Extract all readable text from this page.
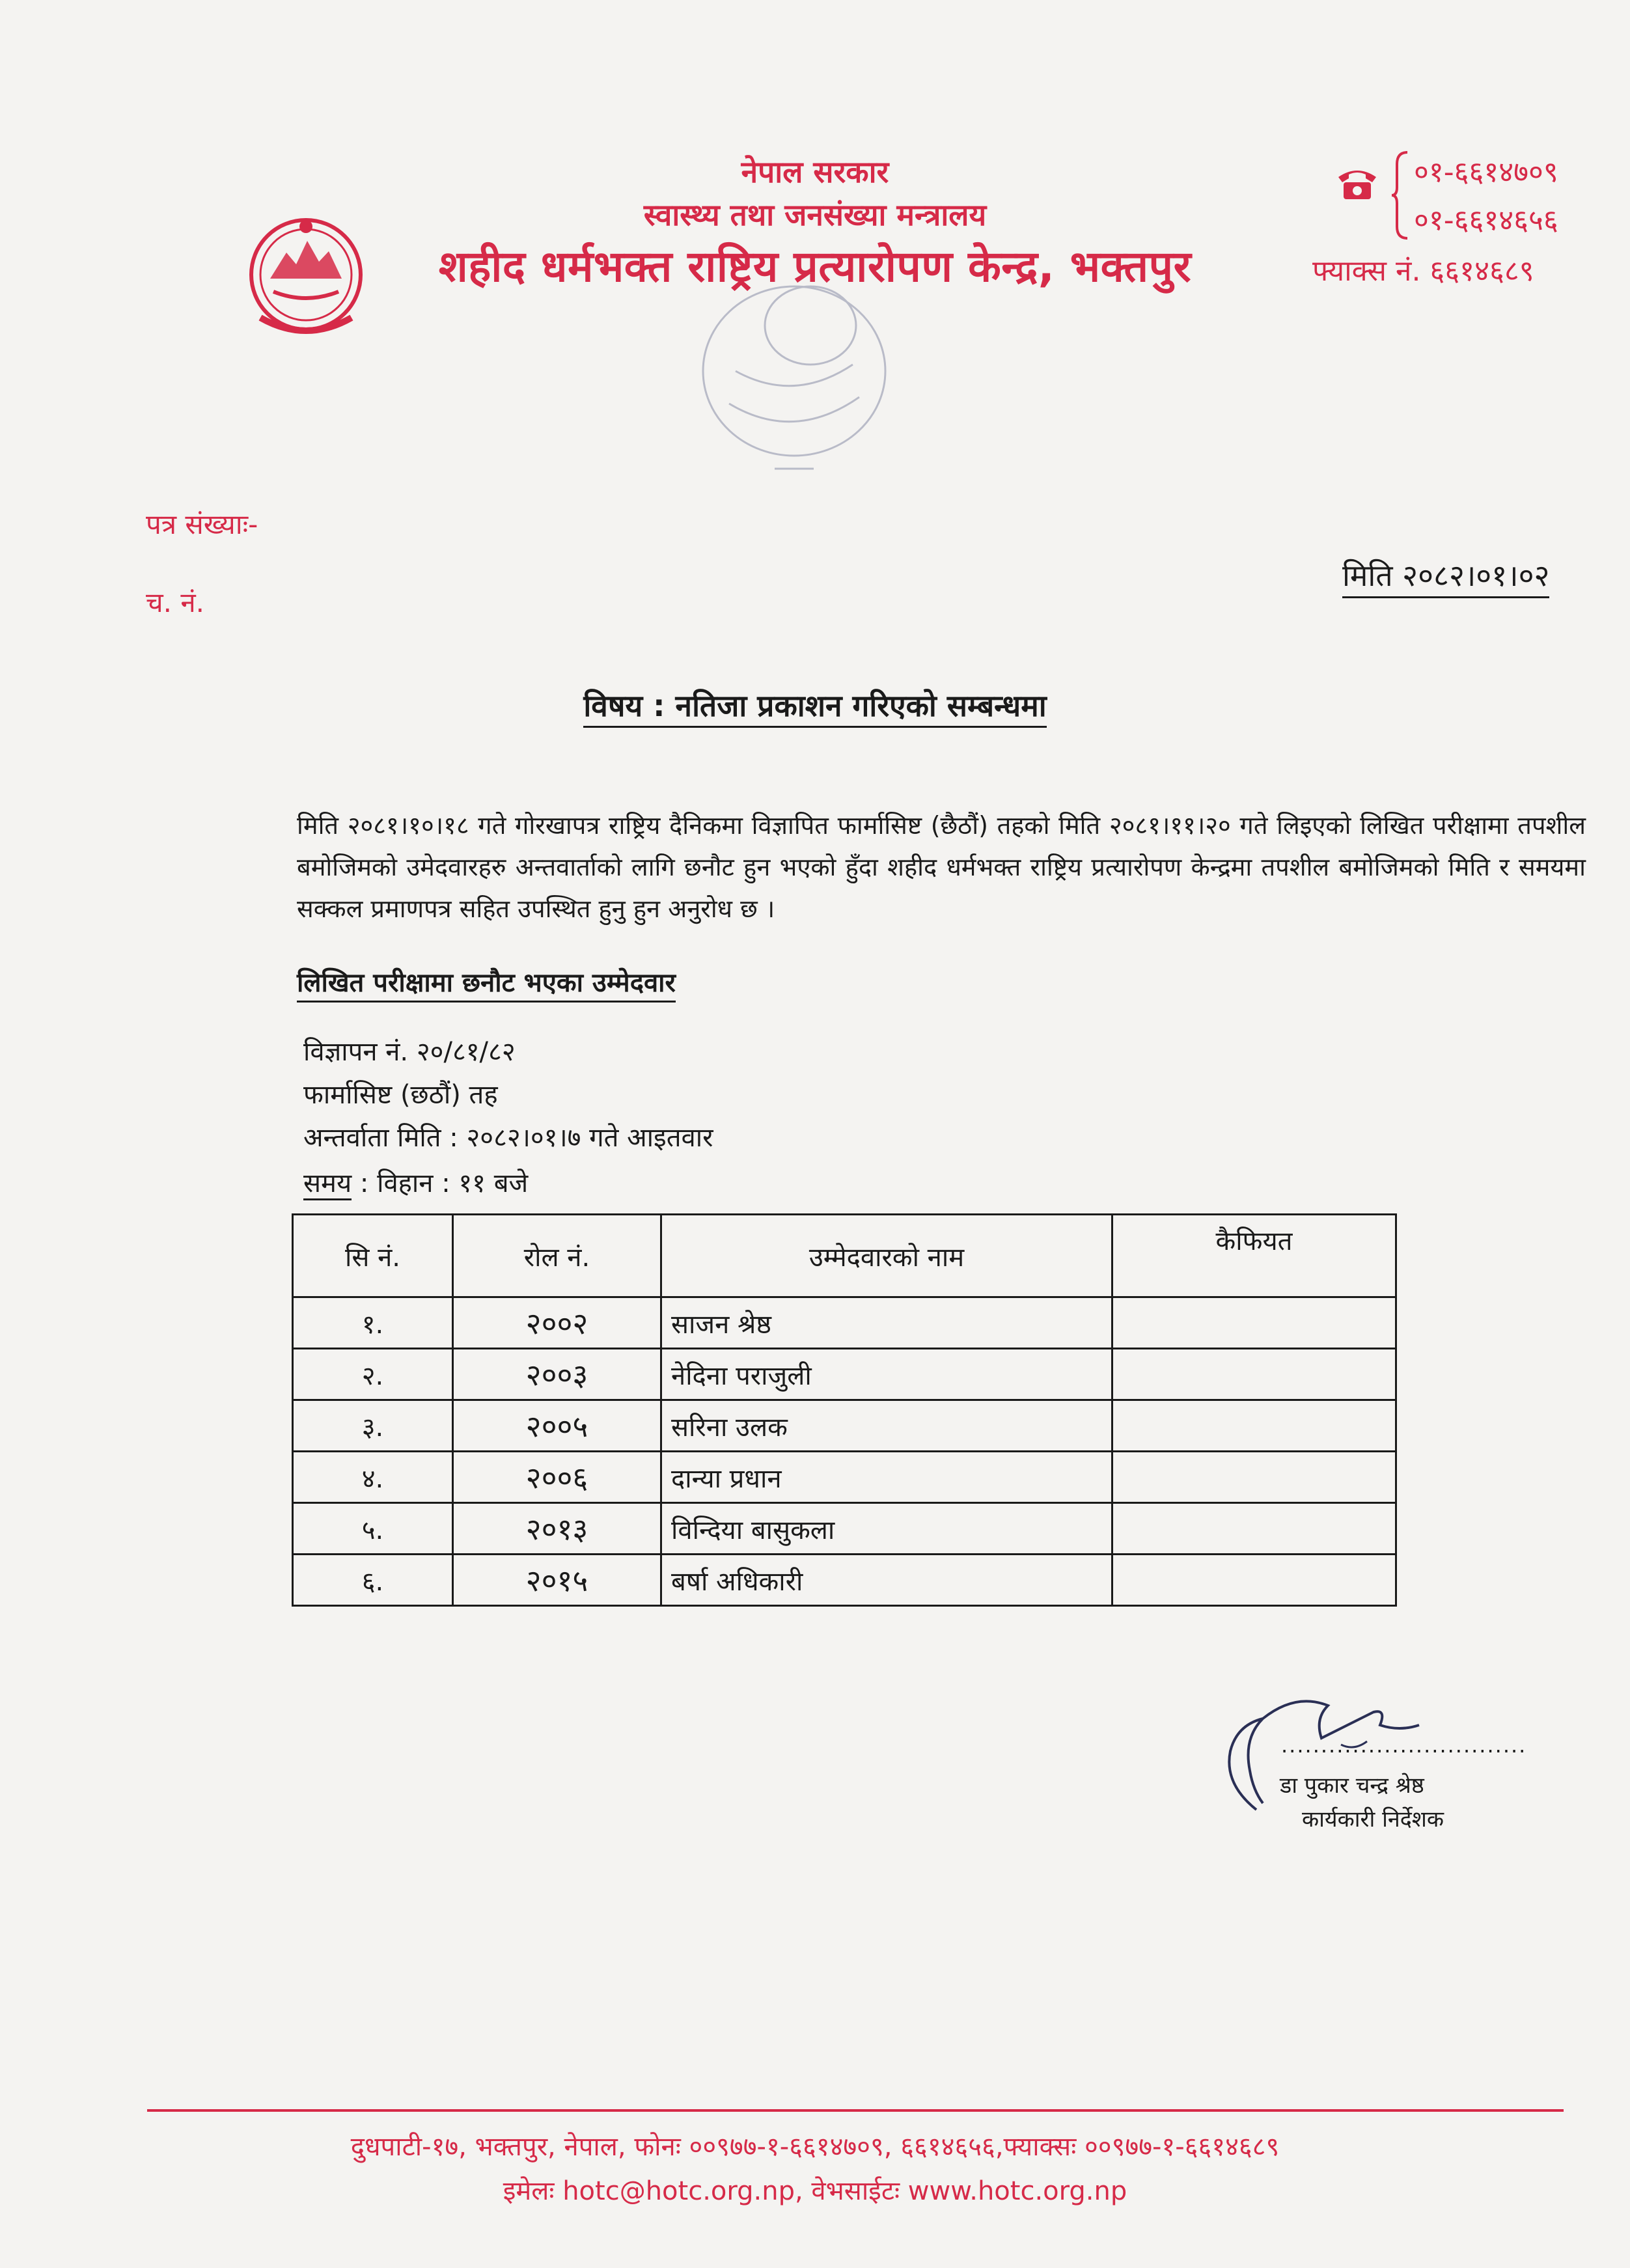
नेपाल सरकार
स्वास्थ्य तथा जनसंख्या मन्त्रालय
शहीद धर्मभक्त राष्ट्रिय प्रत्यारोपण केन्द्र, भक्तपुर
०१-६६१४७०९
०१-६६१४६५६
फ्याक्स नं. ६६१४६८९
पत्र संख्याः-
च. नं.
मिति २०८२।०१।०२
विषय : नतिजा प्रकाशन गरिएको सम्बन्धमा
मिति २०८१।१०।१८ गते गोरखापत्र राष्ट्रिय दैनिकमा विज्ञापित फार्मासिष्ट (छैठौं) तहको मिति २०८१।११।२० गते लिइएको लिखित परीक्षामा तपशील बमोजिमको उमेदवारहरु अन्तवार्ताको लागि छनौट हुन भएको हुँदा शहीद धर्मभक्त राष्ट्रिय प्रत्यारोपण केन्द्रमा तपशील बमोजिमको मिति र समयमा सक्कल प्रमाणपत्र सहित उपस्थित हुनु हुन अनुरोध छ ।
लिखित परीक्षामा छनौट भएका उम्मेदवार
विज्ञापन नं. २०/८१/८२
फार्मासिष्ट (छठौं) तह
अन्तर्वाता मिति : २०८२।०१।७ गते आइतवार
समय : विहान : ११ बजे
सि नं.	रोल नं.	उम्मेदवारको नाम	कैफियत
१.	२००२	साजन श्रेष्ठ	
२.	२००३	नेदिना पराजुली	
३.	२००५	सरिना उलक	
४.	२००६	दान्या प्रधान	
५.	२०१३	विन्दिया बासुकला	
६.	२०१५	बर्षा अधिकारी	
...............................
डा पुकार चन्द्र श्रेष्ठ
कार्यकारी निर्देशक
दुधपाटी-१७, भक्तपुर, नेपाल, फोनः ००९७७-१-६६१४७०९, ६६१४६५६,फ्याक्सः ००९७७-१-६६१४६८९
इमेलः hotc@hotc.org.np, वेभसाईटः www.hotc.org.np
